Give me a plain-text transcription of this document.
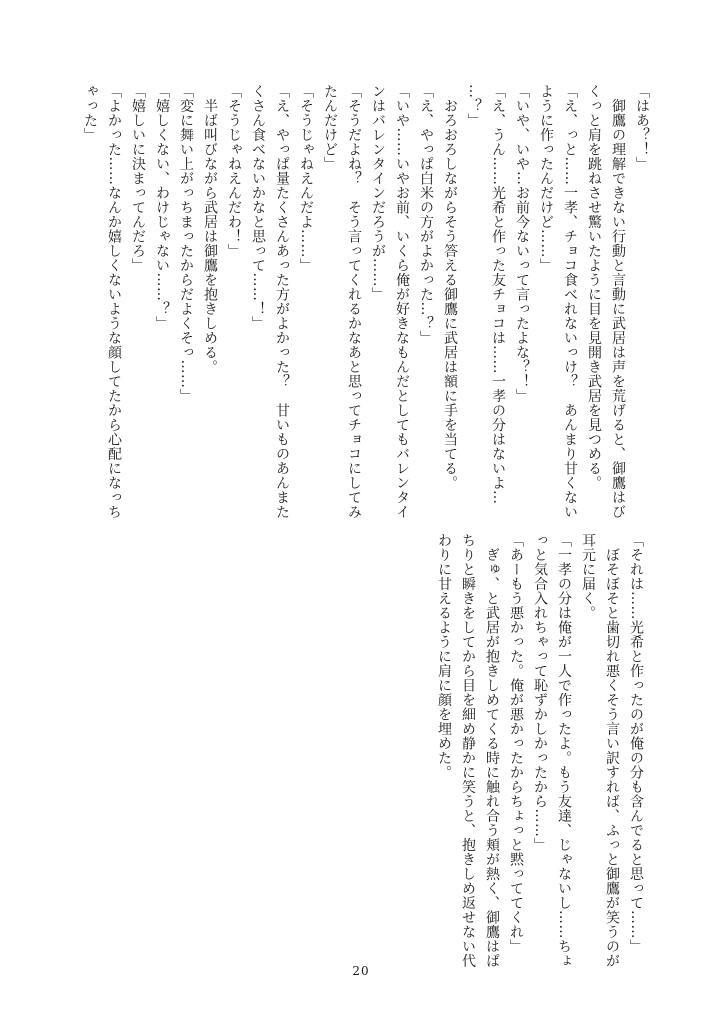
「はあ？！」
　御鷹の理解できない行動と言動に武居は声を荒げると、御鷹はび
くっと肩を跳ねさせ驚いたように目を見開き武居を見つめる。
「え、っと……一孝、チョコ食べれないっけ？　あんまり甘くない
ように作ったんだけど……」
「いや、いや…お前今ないって言ったよな？！」
「え、うん……光希と作った友チョコは……一孝の分はないよ…
…？」
　おろおろしながらそう答える御鷹に武居は額に手を当てる。
「え、やっぱ白米の方がよかった…？」
「いや……いやお前、いくら俺が好きなもんだとしてもバレンタイ
ンはバレンタインだろうが……」
「そうだよね？　そう言ってくれるかなあと思ってチョコにしてみ
たんだけど」
「そうじゃねえんだよ……」
「え、やっぱ量たくさんあった方がよかった？　甘いものあんまた
くさん食べないかなと思って……！」
「そうじゃねえんだわ！」
　半ば叫びながら武居は御鷹を抱きしめる。
「変に舞い上がっちまったからだよくそっ……」
「嬉しくない、わけじゃない……？」
「嬉しいに決まってんだろ」
「よかった……なんか嬉しくないような顔してたから心配になっち
ゃった」
「それは……光希と作ったのが俺の分も含んでると思って……」
　ぼそぼそと歯切れ悪くそう言い訳すれば、ふっと御鷹が笑うのが
耳元に届く。
「一孝の分は俺が一人で作ったよ。もう友達、じゃないし……ちょ
っと気合入れちゃって恥ずかしかったから……」
「あーもう悪かった。俺が悪かったからちょっと黙っててくれ」
　ぎゅ、と武居が抱きしめてくる時に触れ合う頬が熱く、御鷹はぱ
ちりと瞬きをしてから目を細め静かに笑うと、抱きしめ返せない代
わりに甘えるように肩に顔を埋めた。
20
